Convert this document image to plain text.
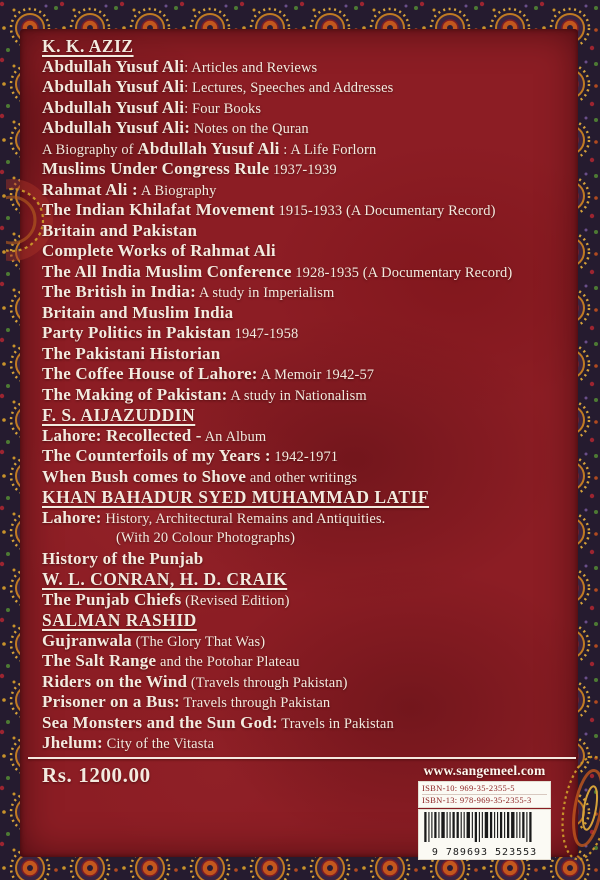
K. K. AZIZ
Abdullah Yusuf Ali: Articles and Reviews
Abdullah Yusuf Ali: Lectures, Speeches and Addresses
Abdullah Yusuf Ali: Four Books
Abdullah Yusuf Ali: Notes on the Quran
A Biography of Abdullah Yusuf Ali : A Life Forlorn
Muslims Under Congress Rule 1937-1939
Rahmat Ali : A Biography
The Indian Khilafat Movement 1915-1933 (A Documentary Record)
Britain and Pakistan
Complete Works of Rahmat Ali
The All India Muslim Conference 1928-1935 (A Documentary Record)
The British in India: A study in Imperialism
Britain and Muslim India
Party Politics in Pakistan 1947-1958
The Pakistani Historian
The Coffee House of Lahore: A Memoir 1942-57
The Making of Pakistan: A study in Nationalism
F. S. AIJAZUDDIN
Lahore: Recollected - An Album
The Counterfoils of my Years : 1942-1971
When Bush comes to Shove and other writings
KHAN BAHADUR SYED MUHAMMAD LATIF
Lahore: History, Architectural Remains and Antiquities.
(With 20 Colour Photographs)
History of the Punjab
W. L. CONRAN, H. D. CRAIK
The Punjab Chiefs (Revised Edition)
SALMAN RASHID
Gujranwala (The Glory That Was)
The Salt Range and the Potohar Plateau
Riders on the Wind (Travels through Pakistan)
Prisoner on a Bus: Travels through Pakistan
Sea Monsters and the Sun God: Travels in Pakistan
Jhelum: City of the Vitasta
Rs. 1200.00	www.sangemeel.com
ISBN-10: 969-35-2355-5
ISBN-13: 978-969-35-2355-3
9 789693 523553
